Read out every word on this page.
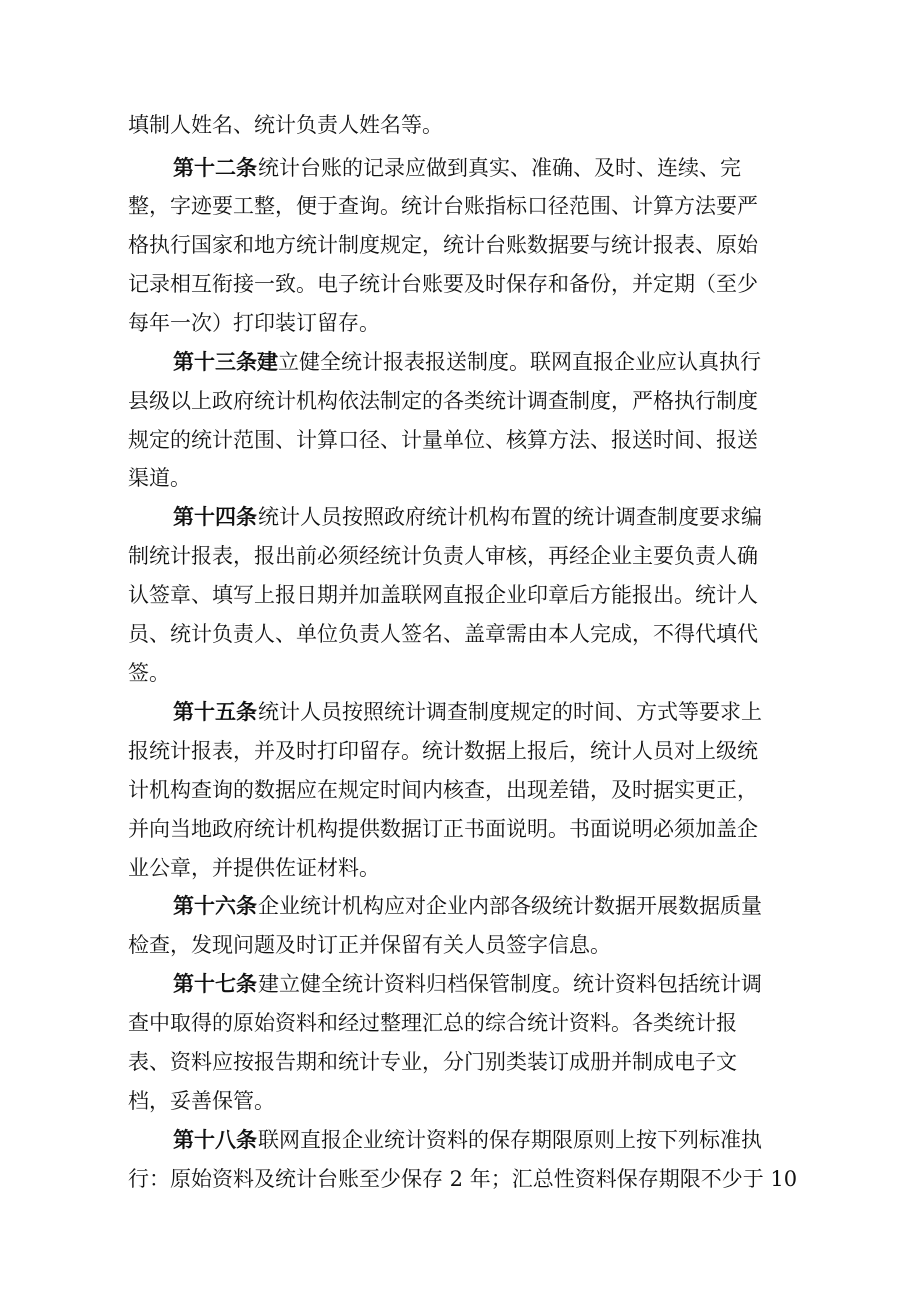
填制人姓名、统计负责人姓名等。
第十二条 统计台账的记录应做到真实、准确、及时、连续、完
整，字迹要工整，便于查询。统计台账指标口径范围、计算方法要严
格执行国家和地方统计制度规定，统计台账数据要与统计报表、原始
记录相互衔接一致。电子统计台账要及时保存和备份，并定期（至少
每年一次）打印装订留存。
第十三条建 立健全统计报表报送制度。联网直报企业应认真执行
县级以上政府统计机构依法制定的各类统计调查制度，严格执行制度
规定的统计范围、计算口径、计量单位、核算方法、报送时间、报送
渠道。
第十四条 统计人员按照政府统计机构布置的统计调查制度要求编
制统计报表，报出前必须经统计负责人审核，再经企业主要负责人确
认签章、填写上报日期并加盖联网直报企业印章后方能报出。统计人
员、统计负责人、单位负责人签名、盖章需由本人完成，不得代填代
签。
第十五条 统计人员按照统计调查制度规定的时间、方式等要求上
报统计报表，并及时打印留存。统计数据上报后，统计人员对上级统
计机构查询的数据应在规定时间内核查，出现差错，及时据实更正，
并向当地政府统计机构提供数据订正书面说明。书面说明必须加盖企
业公章，并提供佐证材料。
第十六条 企业统计机构应对企业内部各级统计数据开展数据质量
检查，发现问题及时订正并保留有关人员签字信息。
第十七条 建立健全统计资料归档保管制度。统计资料包括统计调
查中取得的原始资料和经过整理汇总的综合统计资料。各类统计报
表、资料应按报告期和统计专业，分门别类装订成册并制成电子文
档，妥善保管。
第十八条 联网直报企业统计资料的保存期限原则上按下列标准执
行：原始资料及统计台账至少保存 2 年；汇总性资料保存期限不少于 10
